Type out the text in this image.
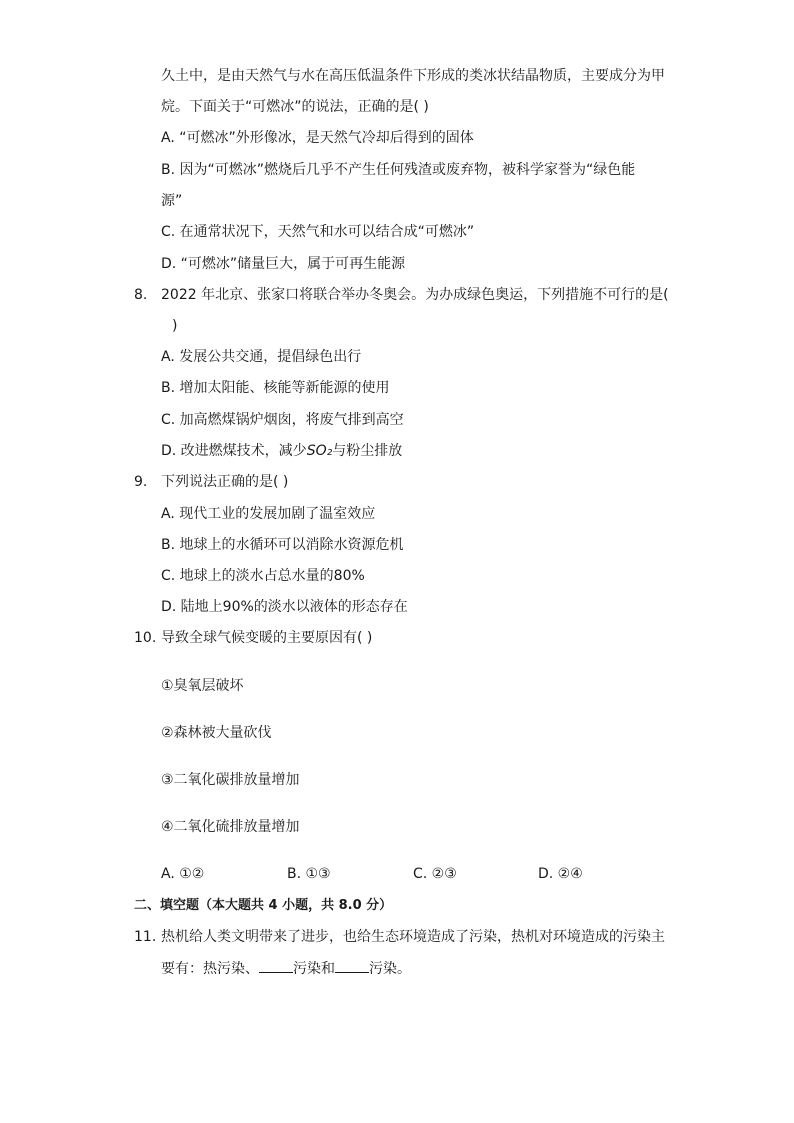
久土中，是由天然气与水在高压低温条件下形成的类冰状结晶物质，主要成分为甲
烷。下面关于“可燃冰”的说法，正确的是( )
A. “可燃冰”外形像冰，是天然气冷却后得到的固体
B. 因为“可燃冰”燃烧后几乎不产生任何残渣或废弃物，被科学家誉为“绿色能
源”
C. 在通常状况下，天然气和水可以结合成“可燃冰”
D. “可燃冰”储量巨大，属于可再生能源
8. 2022 年北京、张家口将联合举办冬奥会。为办成绿色奥运，下列措施不可行的是(
)
A. 发展公共交通，提倡绿色出行
B. 增加太阳能、核能等新能源的使用
C. 加高燃煤锅炉烟囱，将废气排到高空
D. 改进燃煤技术，减少SO₂与粉尘排放
9. 下列说法正确的是( )
A. 现代工业的发展加剧了温室效应
B. 地球上的水循环可以消除水资源危机
C. 地球上的淡水占总水量的80%
D. 陆地上90%的淡水以液体的形态存在
10. 导致全球气候变暖的主要原因有( )
①臭氧层破坏
②森林被大量砍伐
③二氧化碳排放量增加
④二氧化硫排放量增加
A. ①②	B. ①③	C. ②③	D. ②④
二、填空题（本大题共 4 小题，共 8.0 分）
11. 热机给人类文明带来了进步，也给生态环境造成了污染，热机对环境造成的污染主
要有：热污染、 污染和 污染。
